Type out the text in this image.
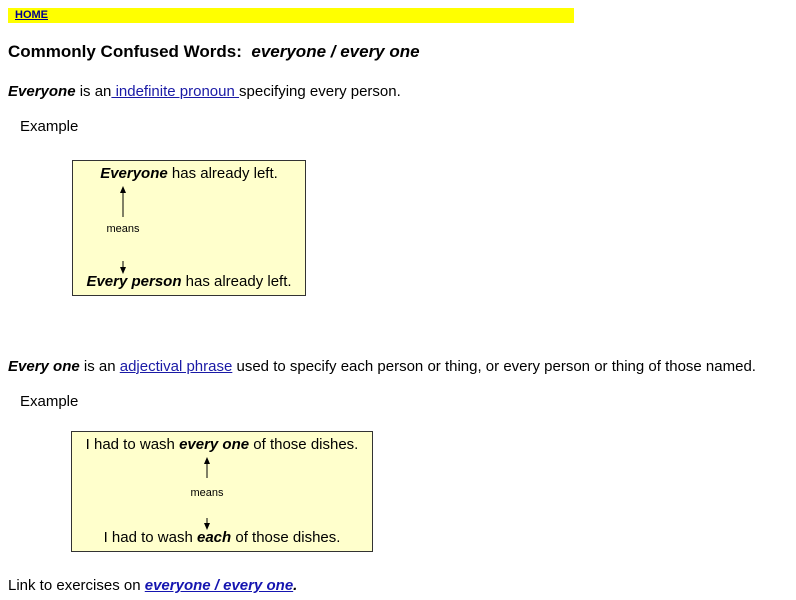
HOME
Commonly Confused Words: everyone / every one
Everyone is an indefinite pronoun specifying every person.
Example
Everyone has already left.
means
Every person has already left.
Every one is an adjectival phrase used to specify each person or thing, or every person or thing of those named.
Example
I had to wash every one of those dishes.
means
I had to wash each of those dishes.
Link to exercises on everyone / every one.
